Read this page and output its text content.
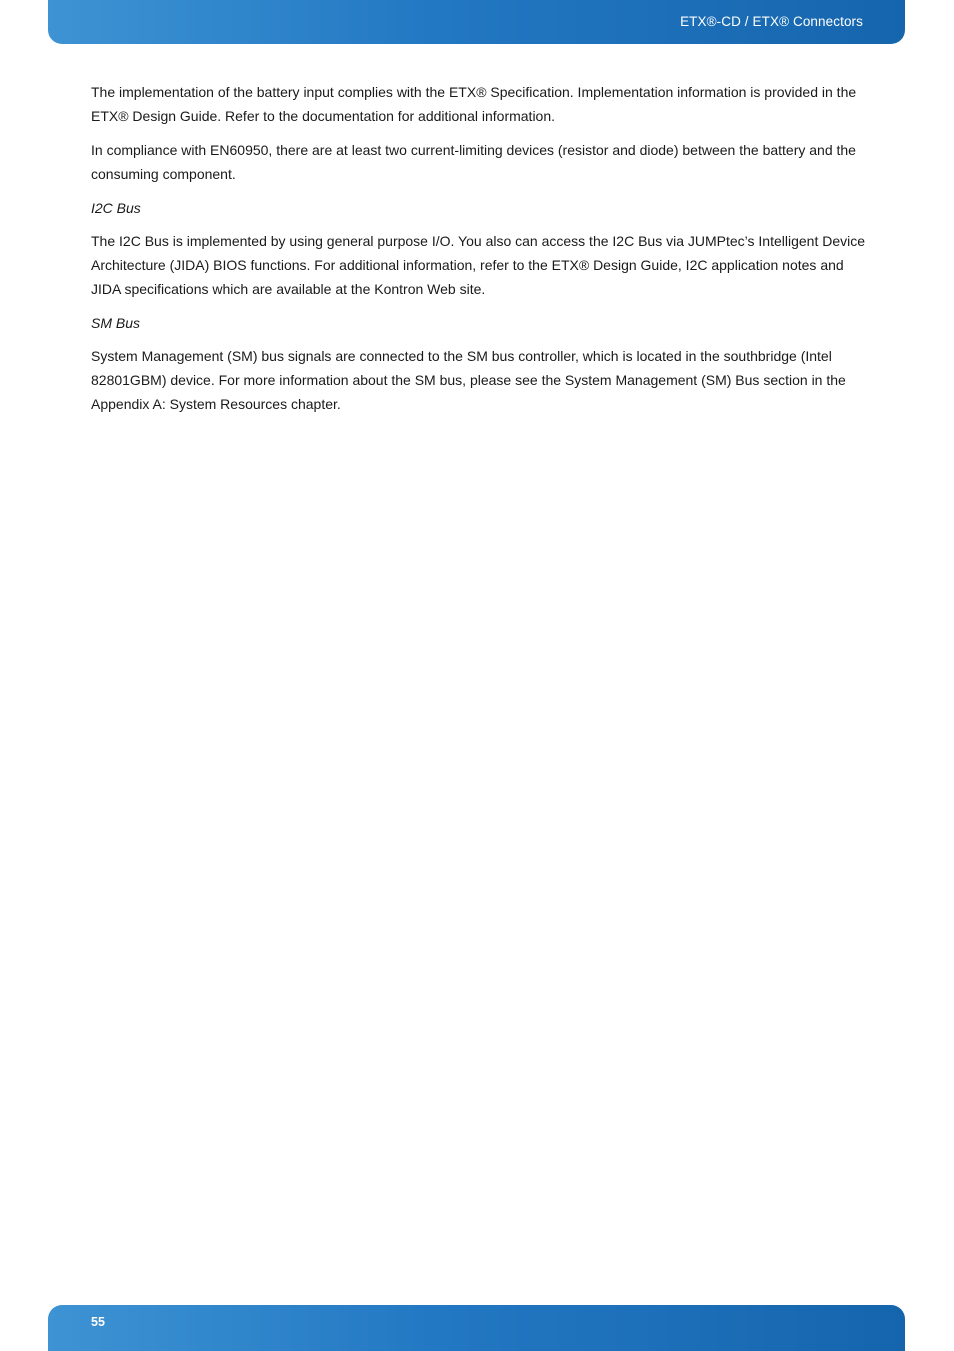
ETX®-CD / ETX® Connectors

The implementation of the battery input complies with the ETX® Specification. Implementation information is provided in the ETX® Design Guide. Refer to the documentation for additional information.

In compliance with EN60950, there are at least two current-limiting devices (resistor and diode) between the battery and the consuming component.

I2C Bus

The I2C Bus is implemented by using general purpose I/O. You also can access the I2C Bus via JUMPtec’s Intelligent Device Architecture (JIDA) BIOS functions. For additional information, refer to the ETX® Design Guide, I2C application notes and JIDA specifications which are available at the Kontron Web site.

SM Bus

System Management (SM) bus signals are connected to the SM bus controller, which is located in the southbridge (Intel 82801GBM) device. For more information about the SM bus, please see the System Management (SM) Bus section in the Appendix A: System Resources chapter.

55
